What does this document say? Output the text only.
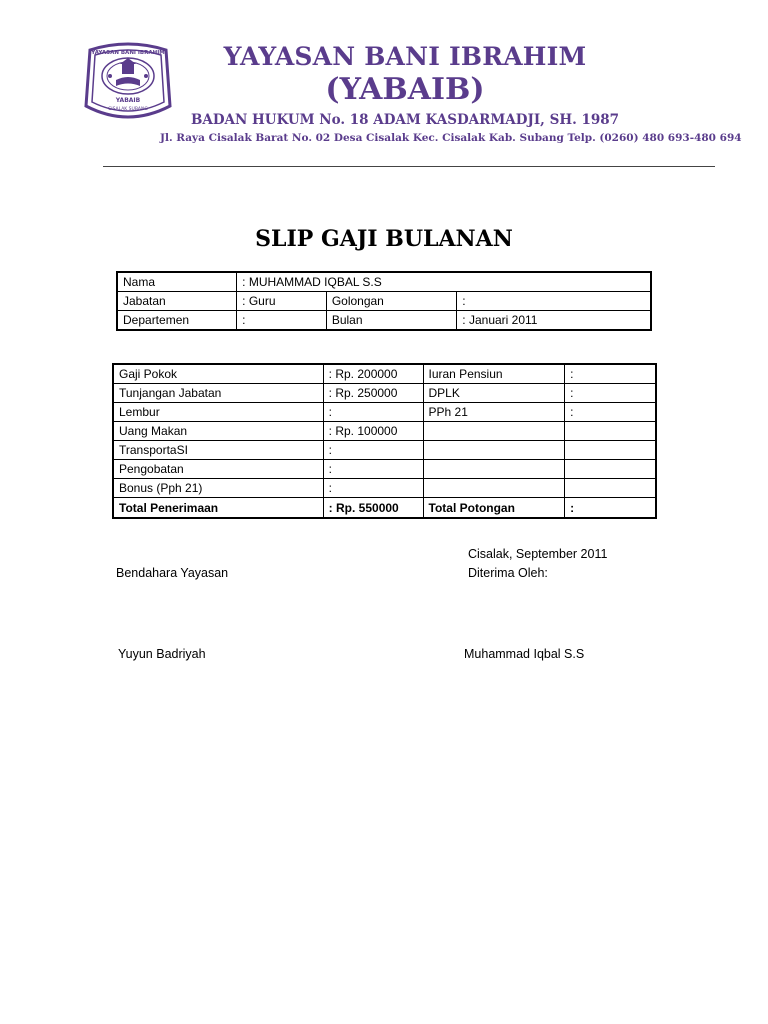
YAYASAN BANI IBRAHIM
YABAIB
CISALAK SUBANG
YAYASAN BANI IBRAHIM
(YABAIB)
BADAN HUKUM No. 18 ADAM KASDARMADJI, SH. 1987
Jl. Raya Cisalak Barat No. 02 Desa Cisalak Kec. Cisalak Kab. Subang Telp. (0260) 480 693-480 694
SLIP GAJI BULANAN
Nama	: MUHAMMAD IQBAL S.S		
Jabatan	: Guru	Golongan	:
Departemen	:	Bulan	: Januari 2011
Gaji Pokok	: Rp. 200000	Iuran Pensiun	:
Tunjangan Jabatan	: Rp. 250000	DPLK	:
Lembur	:	PPh 21	:
Uang Makan	: Rp. 100000		
TransportaSI	:		
Pengobatan	:		
Bonus (Pph 21)	:		
Total Penerimaan	: Rp. 550000	Total Potongan	:
Cisalak, September 2011
Bendahara Yayasan	Diterima Oleh:
Yuyun Badriyah	Muhammad Iqbal S.S
